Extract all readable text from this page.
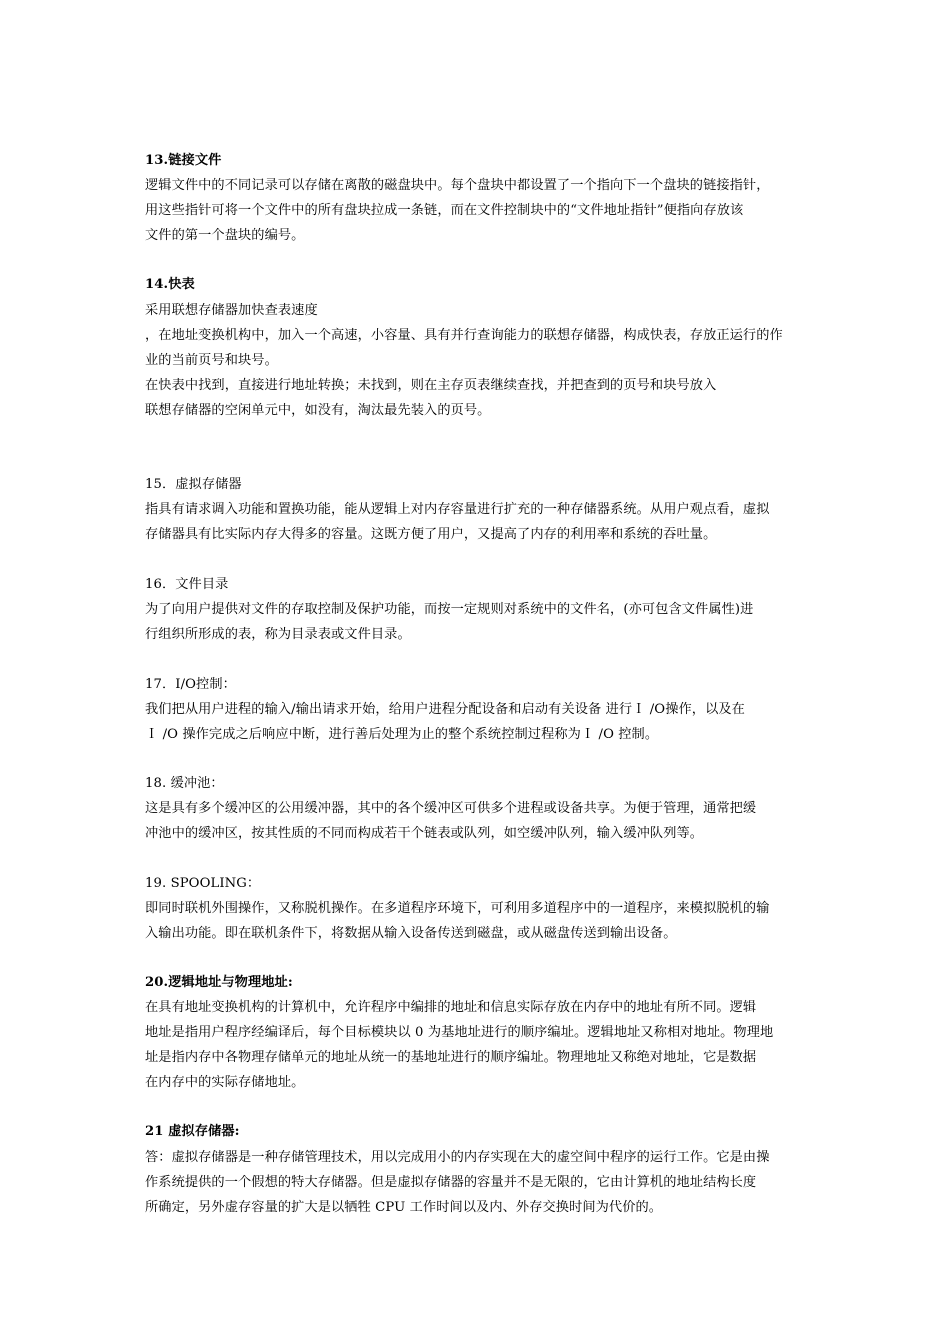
13.链接文件
逻辑文件中的不同记录可以存储在离散的磁盘块中。每个盘块中都设置了一个指向下一个盘块的链接指针，
用这些指针可将一个文件中的所有盘块拉成一条链，而在文件控制块中的“文件地址指针”便指向存放该
文件的第一个盘块的编号。
14.快表
采用联想存储器加快查表速度
，在地址变换机构中，加入一个高速，小容量、具有并行查询能力的联想存储器，构成快表，存放正运行的作
业的当前页号和块号。
在快表中找到，直接进行地址转换；未找到，则在主存页表继续查找，并把查到的页号和块号放入
联想存储器的空闲单元中，如没有，淘汰最先装入的页号。
15．虚拟存储器
指具有请求调入功能和置换功能，能从逻辑上对内存容量进行扩充的一种存储器系统。从用户观点看，虚拟
存储器具有比实际内存大得多的容量。这既方便了用户，又提高了内存的利用率和系统的吞吐量。
16．文件目录
为了向用户提供对文件的存取控制及保护功能，而按一定规则对系统中的文件名，(亦可包含文件属性)进
行组织所形成的表，称为目录表或文件目录。
17．I/O控制：
我们把从用户进程的输入/输出请求开始，给用户进程分配设备和启动有关设备 进行Ｉ /O操作，以及在
Ｉ /O 操作完成之后响应中断，进行善后处理为止的整个系统控制过程称为Ｉ /O 控制。
18. 缓冲池：
这是具有多个缓冲区的公用缓冲器，其中的各个缓冲区可供多个进程或设备共享。为便于管理，通常把缓
冲池中的缓冲区，按其性质的不同而构成若干个链表或队列，如空缓冲队列，输入缓冲队列等。
19. SPOOLING：
即同时联机外围操作，又称脱机操作。在多道程序环境下，可利用多道程序中的一道程序，来模拟脱机的输
入输出功能。即在联机条件下，将数据从输入设备传送到磁盘，或从磁盘传送到输出设备。
20.逻辑地址与物理地址:
在具有地址变换机构的计算机中，允许程序中编排的地址和信息实际存放在内存中的地址有所不同。逻辑
地址是指用户程序经编译后，每个目标模块以 0 为基地址进行的顺序编址。逻辑地址又称相对地址。物理地
址是指内存中各物理存储单元的地址从统一的基地址进行的顺序编址。物理地址又称绝对地址，它是数据
在内存中的实际存储地址。
21 虚拟存储器:
答：虚拟存储器是一种存储管理技术，用以完成用小的内存实现在大的虚空间中程序的运行工作。它是由操
作系统提供的一个假想的特大存储器。但是虚拟存储器的容量并不是无限的，它由计算机的地址结构长度
所确定，另外虚存容量的扩大是以牺牲 CPU 工作时间以及内、外存交换时间为代价的。
